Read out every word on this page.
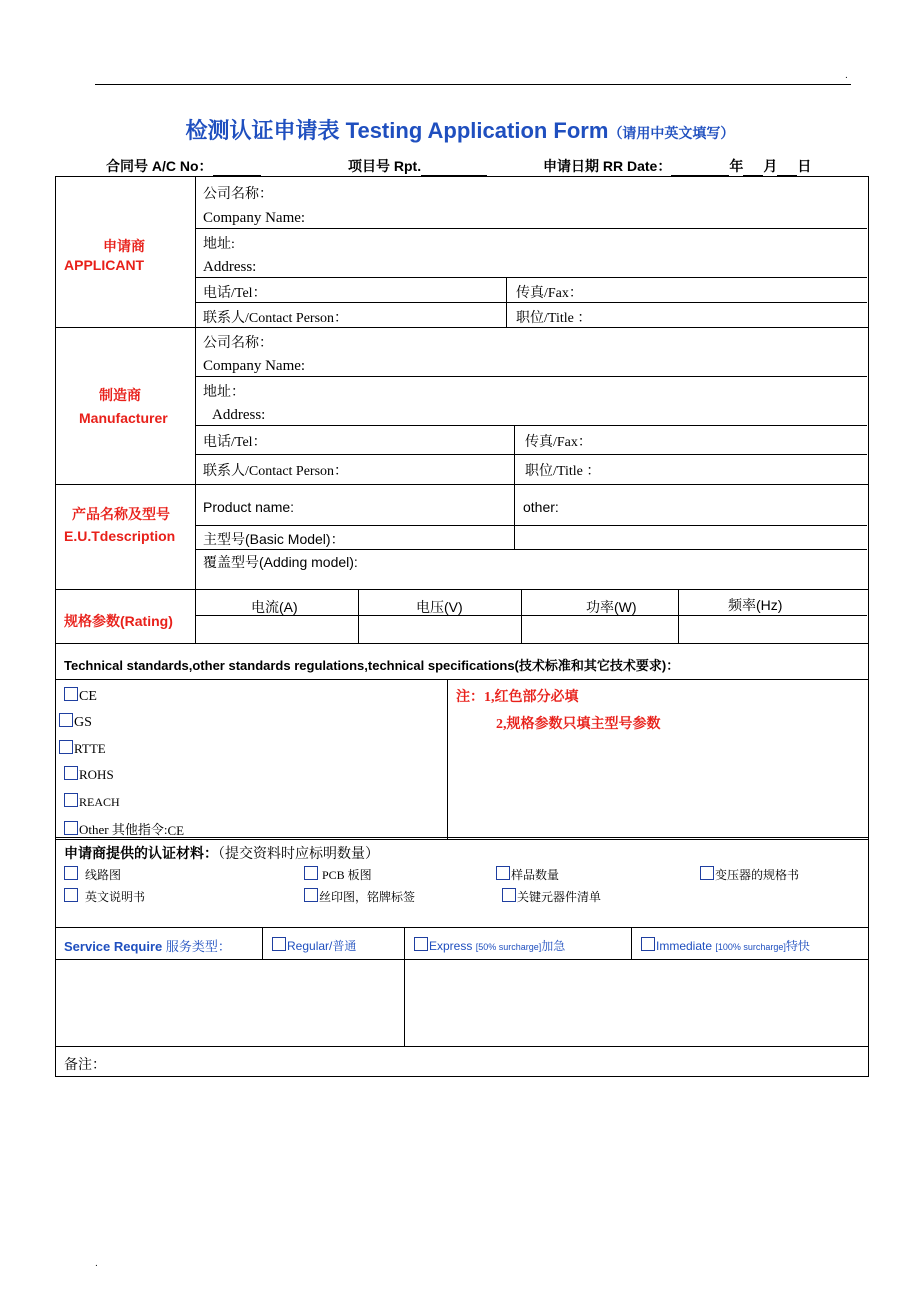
.
.
检测认证申请表 Testing Application Form（请用中英文填写）
合同号 A/C No：	项目号 Rpt.	申请日期 RR Date：	年 月 日
申请商
APPLICANT
公司名称：
Company Name:
地址:
Address:
电话/Tel：	传真/Fax：
联系人/Contact Person：	职位/Title ：
制造商
Manufacturer
公司名称：
Company Name:
地址：
Address:
电话/Tel：	传真/Fax：
联系人/Contact Person：	职位/Title ：
产品名称及型号
E.U.Tdescription
Product name:	other:
主型号(Basic Model)：
覆盖型号(Adding model):
规格参数(Rating)
电流(A)	电压(V)	功率(W)	频率(Hz)
Technical standards,other standards regulations,technical specifications(技术标准和其它技术要求)：
CE
GS
RTTE
ROHS
REACH
Other 其他指令:CE
注：1,红色部分必填
2,规格参数只填主型号参数
申请商提供的认证材料：（提交资料时应标明数量）
线路图	PCB 板图	样品数量	变压器的规格书
英文说明书	丝印图，铭牌标签	关键元器件清单
Service Require 服务类型：	Regular/普通	Express [50% surcharge]加急	Immediate [100% surcharge]特快
备注：
